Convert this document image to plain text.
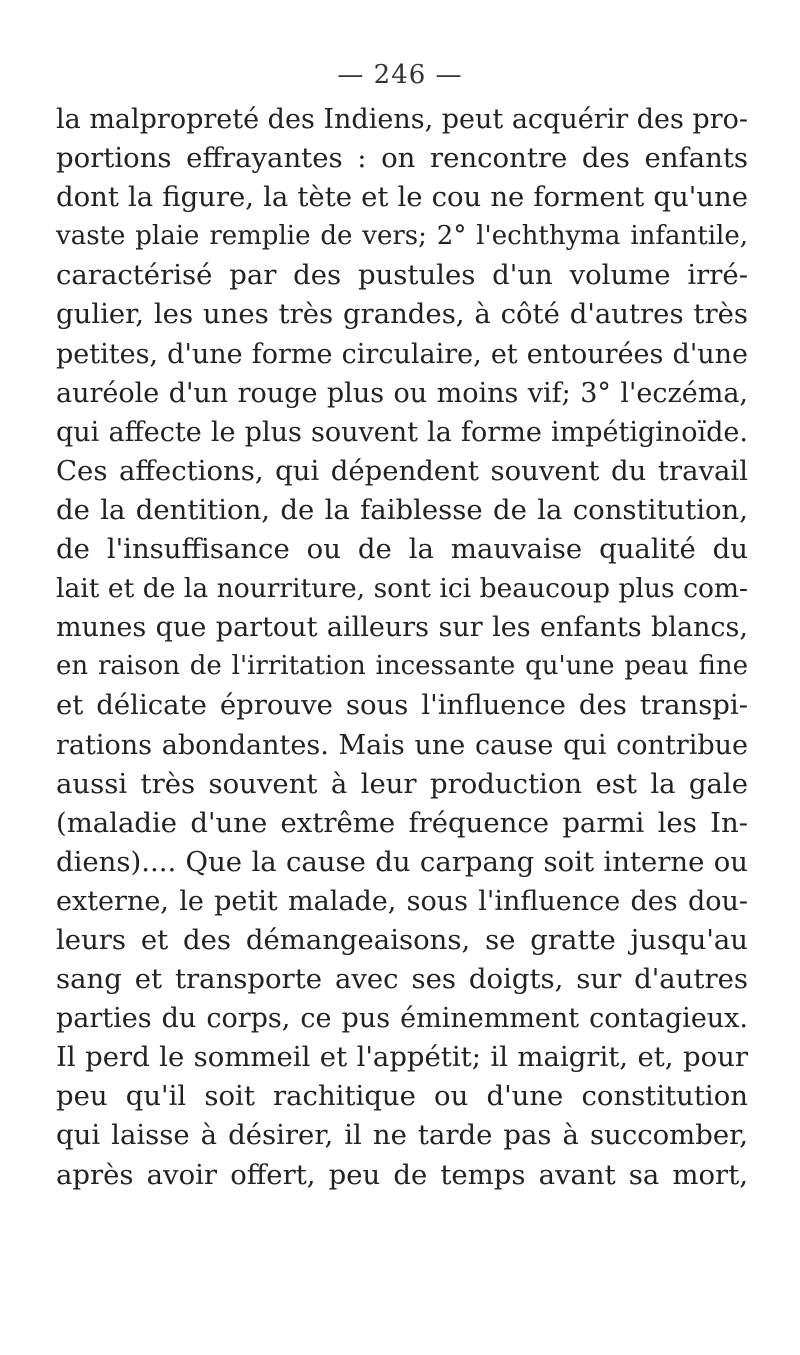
— 246 —
la malpropreté des Indiens, peut acquérir des pro-
portions effrayantes : on rencontre des enfants
dont la figure, la tète et le cou ne forment qu'une
vaste plaie remplie de vers; 2° l'echthyma infantile,
caractérisé par des pustules d'un volume irré-
gulier, les unes très grandes, à côté d'autres très
petites, d'une forme circulaire, et entourées d'une
auréole d'un rouge plus ou moins vif; 3° l'eczéma,
qui affecte le plus souvent la forme impétiginoïde.
Ces affections, qui dépendent souvent du travail
de la dentition, de la faiblesse de la constitution,
de l'insuffisance ou de la mauvaise qualité du
lait et de la nourriture, sont ici beaucoup plus com-
munes que partout ailleurs sur les enfants blancs,
en raison de l'irritation incessante qu'une peau fine
et délicate éprouve sous l'influence des transpi-
rations abondantes. Mais une cause qui contribue
aussi très souvent à leur production est la gale
(maladie d'une extrême fréquence parmi les In-
diens).... Que la cause du carpang soit interne ou
externe, le petit malade, sous l'influence des dou-
leurs et des démangeaisons, se gratte jusqu'au
sang et transporte avec ses doigts, sur d'autres
parties du corps, ce pus éminemment contagieux.
Il perd le sommeil et l'appétit; il maigrit, et, pour
peu qu'il soit rachitique ou d'une constitution
qui laisse à désirer, il ne tarde pas à succomber,
après avoir offert, peu de temps avant sa mort,
